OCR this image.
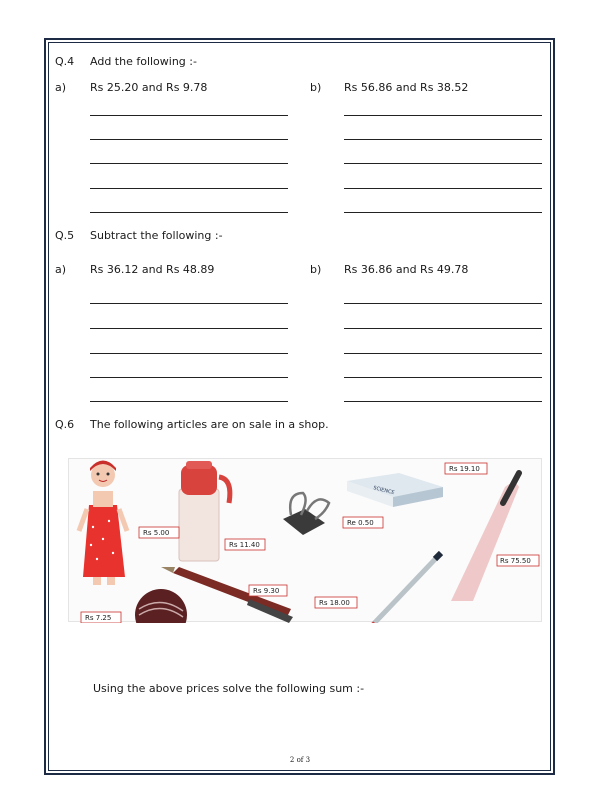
Q.4 Add the following :-
a) Rs 25.20 and Rs 9.78	b) Rs 56.86 and Rs 38.52
Q.5 Subtract the following :-
a) Rs 36.12 and Rs 48.89	b) Rs 36.86 and Rs 49.78
Q.6 The following articles are on sale in a shop.
SCIENCE
Rs 5.00
Rs 11.40
Re 0.50
Rs 19.10
Rs 75.50
Rs 9.30
Rs 7.25
Rs 18.00
Using the above prices solve the following sum :-
2 of 3
